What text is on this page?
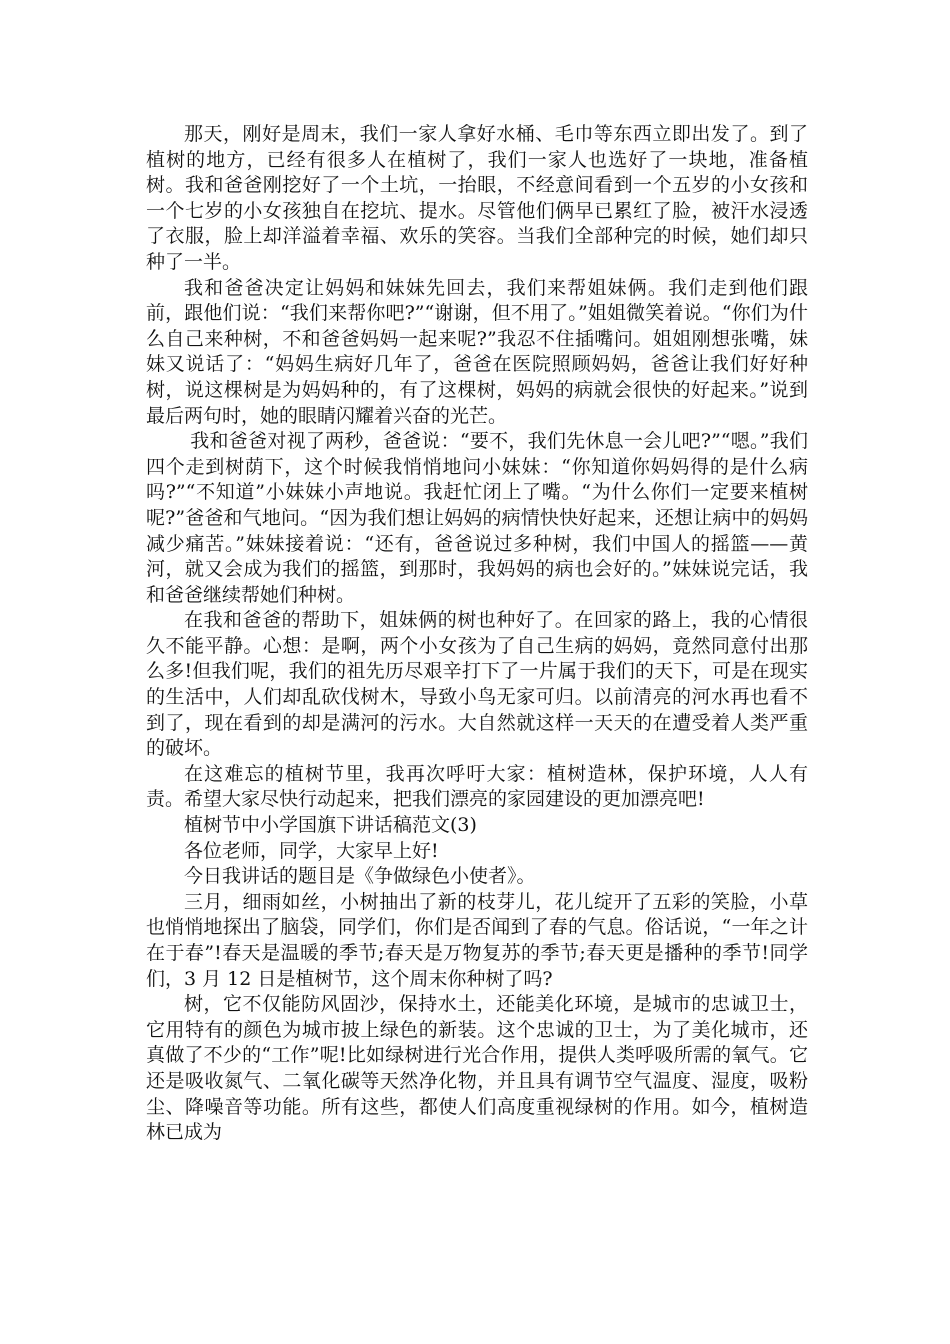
那天，刚好是周末，我们一家人拿好水桶、毛巾等东西立即出发了。到了植树的地方，已经有很多人在植树了，我们一家人也选好了一块地，准备植树。我和爸爸刚挖好了一个土坑，一抬眼，不经意间看到一个五岁的小女孩和一个七岁的小女孩独自在挖坑、提水。尽管他们俩早已累红了脸，被汗水浸透了衣服，脸上却洋溢着幸福、欢乐的笑容。当我们全部种完的时候，她们却只种了一半。

我和爸爸决定让妈妈和妹妹先回去，我们来帮姐妹俩。我们走到他们跟前，跟他们说：“我们来帮你吧?”“谢谢，但不用了。”姐姐微笑着说。“你们为什么自己来种树，不和爸爸妈妈一起来呢?”我忍不住插嘴问。姐姐刚想张嘴，妹妹又说话了：“妈妈生病好几年了，爸爸在医院照顾妈妈，爸爸让我们好好种树，说这棵树是为妈妈种的，有了这棵树，妈妈的病就会很快的好起来。”说到最后两句时，她的眼睛闪耀着兴奋的光芒。

我和爸爸对视了两秒，爸爸说：“要不，我们先休息一会儿吧?”“嗯。”我们四个走到树荫下，这个时候我悄悄地问小妹妹：“你知道你妈妈得的是什么病吗?”“不知道”小妹妹小声地说。我赶忙闭上了嘴。“为什么你们一定要来植树呢?”爸爸和气地问。“因为我们想让妈妈的病情快快好起来，还想让病中的妈妈减少痛苦。”妹妹接着说：“还有，爸爸说过多种树，我们中国人的摇篮——黄河，就又会成为我们的摇篮，到那时，我妈妈的病也会好的。”妹妹说完话，我和爸爸继续帮她们种树。

在我和爸爸的帮助下，姐妹俩的树也种好了。在回家的路上，我的心情很久不能平静。心想：是啊，两个小女孩为了自己生病的妈妈，竟然同意付出那么多!但我们呢，我们的祖先历尽艰辛打下了一片属于我们的天下，可是在现实的生活中，人们却乱砍伐树木，导致小鸟无家可归。以前清亮的河水再也看不到了，现在看到的却是满河的污水。大自然就这样一天天的在遭受着人类严重的破坏。

在这难忘的植树节里，我再次呼吁大家：植树造林，保护环境，人人有责。希望大家尽快行动起来，把我们漂亮的家园建设的更加漂亮吧!

植树节中小学国旗下讲话稿范文(3)

各位老师，同学，大家早上好!

今日我讲话的题目是《争做绿色小使者》。

三月，细雨如丝，小树抽出了新的枝芽儿，花儿绽开了五彩的笑脸，小草也悄悄地探出了脑袋，同学们，你们是否闻到了春的气息。俗话说，“一年之计在于春”!春天是温暖的季节;春天是万物复苏的季节;春天更是播种的季节!同学们，3 月 12 日是植树节，这个周末你种树了吗?

树，它不仅能防风固沙，保持水土，还能美化环境，是城市的忠诚卫士，它用特有的颜色为城市披上绿色的新装。这个忠诚的卫士，为了美化城市，还真做了不少的“工作”呢!比如绿树进行光合作用，提供人类呼吸所需的氧气。它还是吸收氮气、二氧化碳等天然净化物，并且具有调节空气温度、湿度，吸粉尘、降噪音等功能。所有这些，都使人们高度重视绿树的作用。如今，植树造林已成为
